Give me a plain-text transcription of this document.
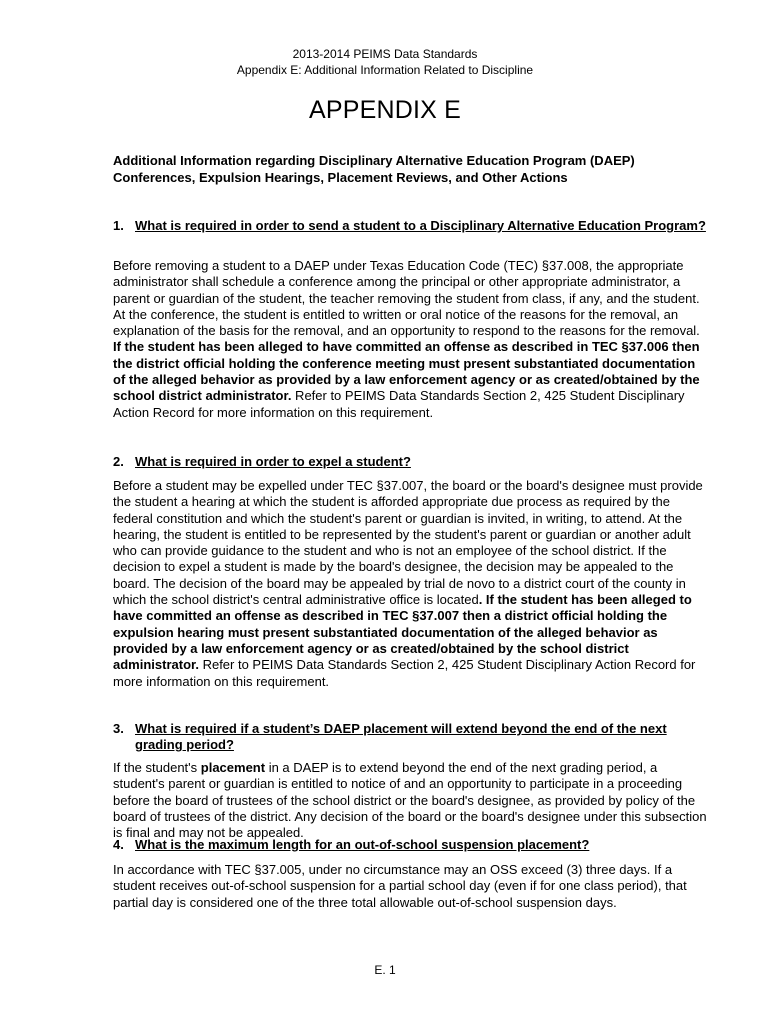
2013-2014 PEIMS Data Standards
Appendix E: Additional Information Related to Discipline
APPENDIX E
Additional Information regarding Disciplinary Alternative Education Program (DAEP) Conferences, Expulsion Hearings, Placement Reviews, and Other Actions
1. What is required in order to send a student to a Disciplinary Alternative Education Program?
Before removing a student to a DAEP under Texas Education Code (TEC) §37.008, the appropriate administrator shall schedule a conference among the principal or other appropriate administrator, a parent or guardian of the student, the teacher removing the student from class, if any, and the student. At the conference, the student is entitled to written or oral notice of the reasons for the removal, an explanation of the basis for the removal, and an opportunity to respond to the reasons for the removal. If the student has been alleged to have committed an offense as described in TEC §37.006 then the district official holding the conference meeting must present substantiated documentation of the alleged behavior as provided by a law enforcement agency or as created/obtained by the school district administrator. Refer to PEIMS Data Standards Section 2, 425 Student Disciplinary Action Record for more information on this requirement.
2. What is required in order to expel a student?
Before a student may be expelled under TEC §37.007, the board or the board's designee must provide the student a hearing at which the student is afforded appropriate due process as required by the federal constitution and which the student's parent or guardian is invited, in writing, to attend. At the hearing, the student is entitled to be represented by the student's parent or guardian or another adult who can provide guidance to the student and who is not an employee of the school district. If the decision to expel a student is made by the board's designee, the decision may be appealed to the board. The decision of the board may be appealed by trial de novo to a district court of the county in which the school district's central administrative office is located. If the student has been alleged to have committed an offense as described in TEC §37.007 then a district official holding the expulsion hearing must present substantiated documentation of the alleged behavior as provided by a law enforcement agency or as created/obtained by the school district administrator. Refer to PEIMS Data Standards Section 2, 425 Student Disciplinary Action Record for more information on this requirement.
3. What is required if a student’s DAEP placement will extend beyond the end of the next grading period?
If the student's placement in a DAEP is to extend beyond the end of the next grading period, a student's parent or guardian is entitled to notice of and an opportunity to participate in a proceeding before the board of trustees of the school district or the board's designee, as provided by policy of the board of trustees of the district. Any decision of the board or the board's designee under this subsection is final and may not be appealed.
4. What is the maximum length for an out-of-school suspension placement?
In accordance with TEC §37.005, under no circumstance may an OSS exceed (3) three days. If a student receives out-of-school suspension for a partial school day (even if for one class period), that partial day is considered one of the three total allowable out-of-school suspension days.
E. 1
